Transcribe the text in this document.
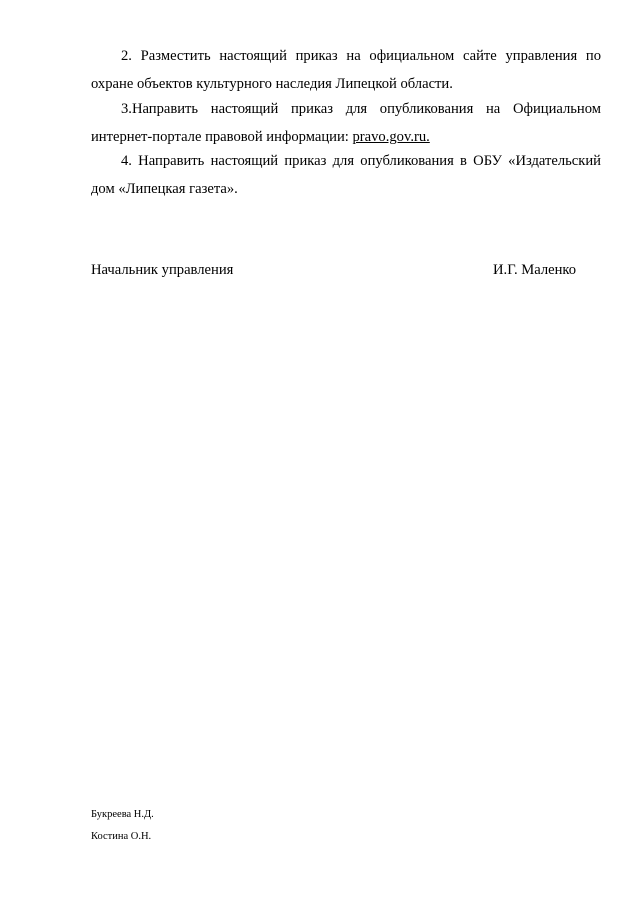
2. Разместить настоящий приказ на официальном сайте управления по
охране объектов культурного наследия Липецкой области.

3.Направить настоящий приказ для опубликования на Официальном
интернет-портале правовой информации: pravo.gov.ru.

4. Направить настоящий приказ для опубликования в ОБУ «Издательский
дом «Липецкая газета».

Начальник управления	И.Г. Маленко

Букреева Н.Д.

Костина О.Н.
